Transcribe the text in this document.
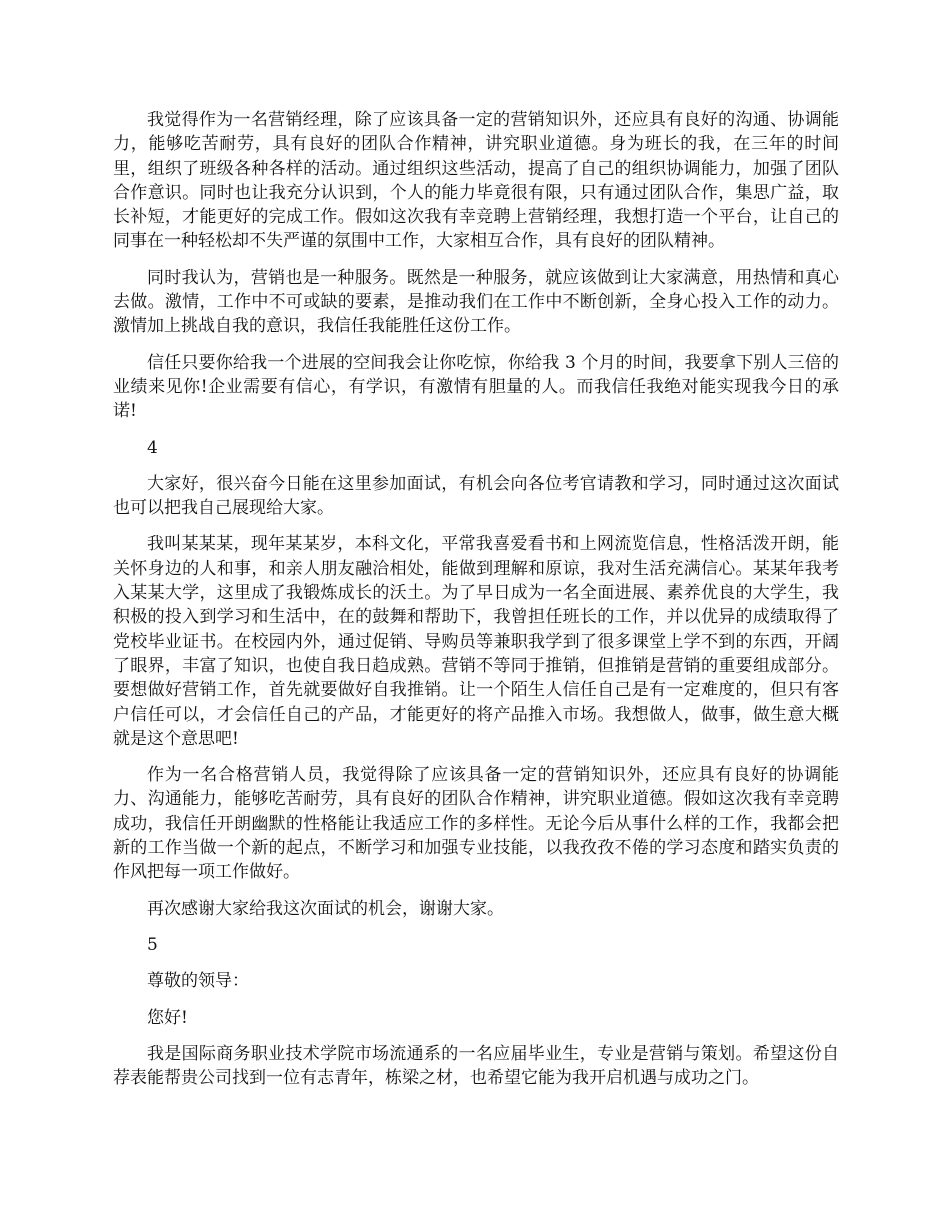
我觉得作为一名营销经理，除了应该具备一定的营销知识外，还应具有良好的沟通、协调能力，能够吃苦耐劳，具有良好的团队合作精神，讲究职业道德。身为班长的我，在三年的时间里，组织了班级各种各样的活动。通过组织这些活动，提高了自己的组织协调能力，加强了团队合作意识。同时也让我充分认识到，个人的能力毕竟很有限，只有通过团队合作，集思广益，取长补短，才能更好的完成工作。假如这次我有幸竞聘上营销经理，我想打造一个平台，让自己的同事在一种轻松却不失严谨的氛围中工作，大家相互合作，具有良好的团队精神。

同时我认为，营销也是一种服务。既然是一种服务，就应该做到让大家满意，用热情和真心去做。激情，工作中不可或缺的要素，是推动我们在工作中不断创新，全身心投入工作的动力。激情加上挑战自我的意识，我信任我能胜任这份工作。

信任只要你给我一个进展的空间我会让你吃惊，你给我 3 个月的时间，我要拿下别人三倍的业绩来见你!企业需要有信心，有学识，有激情有胆量的人。而我信任我绝对能实现我今日的承诺!

4

大家好，很兴奋今日能在这里参加面试，有机会向各位考官请教和学习，同时通过这次面试也可以把我自己展现给大家。

我叫某某某，现年某某岁，本科文化，平常我喜爱看书和上网流览信息，性格活泼开朗，能关怀身边的人和事，和亲人朋友融洽相处，能做到理解和原谅，我对生活充满信心。某某年我考入某某大学，这里成了我锻炼成长的沃土。为了早日成为一名全面进展、素养优良的大学生，我积极的投入到学习和生活中，在的鼓舞和帮助下，我曾担任班长的工作，并以优异的成绩取得了党校毕业证书。在校园内外，通过促销、导购员等兼职我学到了很多课堂上学不到的东西，开阔了眼界，丰富了知识，也使自我日趋成熟。营销不等同于推销，但推销是营销的重要组成部分。要想做好营销工作，首先就要做好自我推销。让一个陌生人信任自己是有一定难度的，但只有客户信任可以，才会信任自己的产品，才能更好的将产品推入市场。我想做人，做事，做生意大概就是这个意思吧!

作为一名合格营销人员，我觉得除了应该具备一定的营销知识外，还应具有良好的协调能力、沟通能力，能够吃苦耐劳，具有良好的团队合作精神，讲究职业道德。假如这次我有幸竞聘成功，我信任开朗幽默的性格能让我适应工作的多样性。无论今后从事什么样的工作，我都会把新的工作当做一个新的起点，不断学习和加强专业技能，以我孜孜不倦的学习态度和踏实负责的作风把每一项工作做好。

再次感谢大家给我这次面试的机会，谢谢大家。

5

尊敬的领导：

您好!

我是国际商务职业技术学院市场流通系的一名应届毕业生，专业是营销与策划。希望这份自荐表能帮贵公司找到一位有志青年，栋梁之材，也希望它能为我开启机遇与成功之门。
